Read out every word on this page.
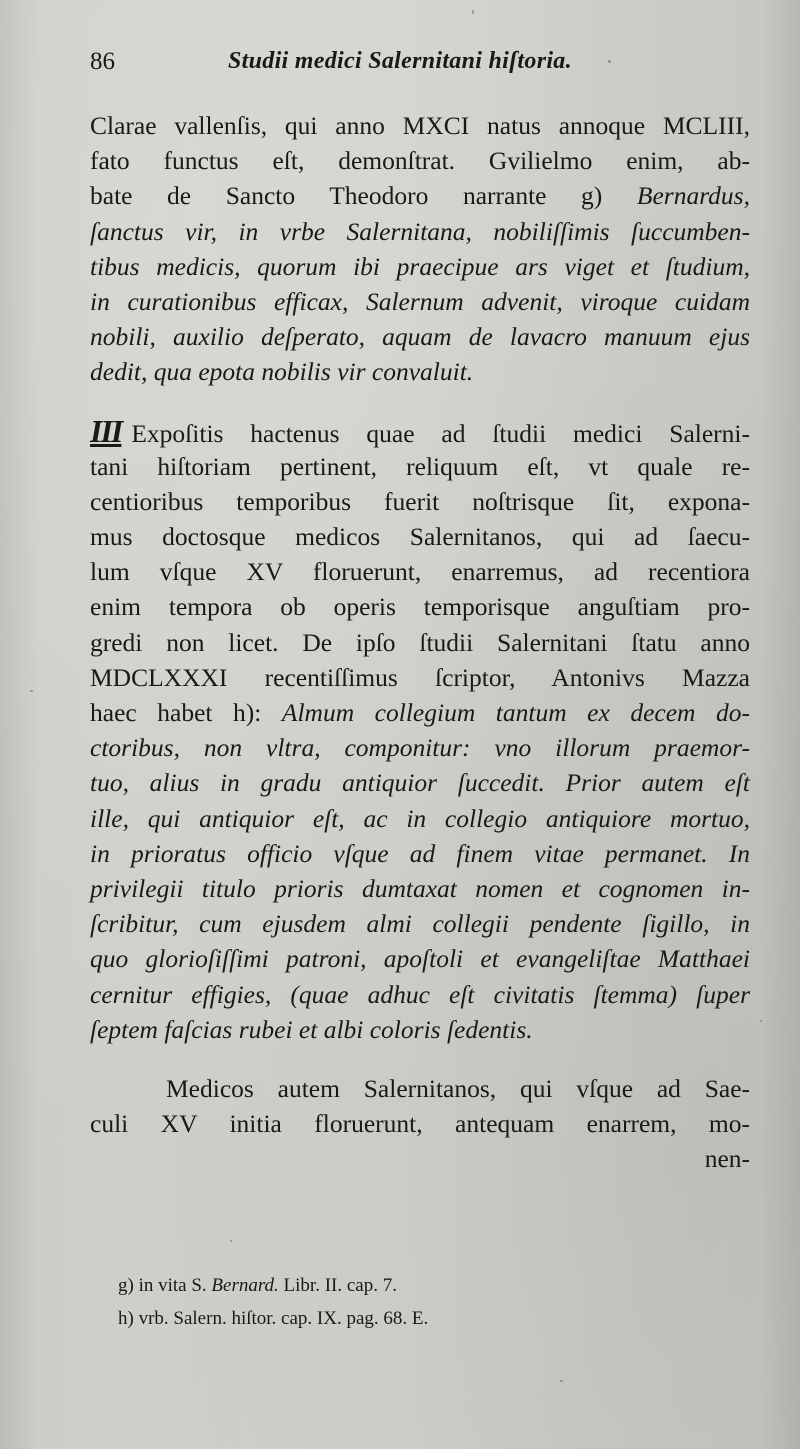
86	Studii medici Salernitani hiſtoria.
Clarae vallenſis, qui anno MXCI natus annoque MCLIII,
fato functus eſt, demonſtrat. Gvilielmo enim, ab-
bate de Sancto Theodoro narrante g) Bernardus,
ſanctus vir, in vrbe Salernitana, nobiliſſimis ſuccumben-
tibus medicis, quorum ibi praecipue ars viget et ſtudium,
in curationibus efficax, Salernum advenit, viroque cuidam
nobili, auxilio deſperato, aquam de lavacro manuum ejus
dedit, qua epota nobilis vir convaluit.
III Expoſitis hactenus quae ad ſtudii medici Salerni-
tani hiſtoriam pertinent, reliquum eſt, vt quale re-
centioribus temporibus fuerit noſtrisque ſit, expona-
mus doctosque medicos Salernitanos, qui ad ſaecu-
lum vſque XV floruerunt, enarremus, ad recentiora
enim tempora ob operis temporisque anguſtiam pro-
gredi non licet. De ipſo ſtudii Salernitani ſtatu anno
MDCLXXXI recentiſſimus ſcriptor, Antonivs Mazza
haec habet h): Almum collegium tantum ex decem do-
ctoribus, non vltra, componitur: vno illorum praemor-
tuo, alius in gradu antiquior ſuccedit. Prior autem eſt
ille, qui antiquior eſt, ac in collegio antiquiore mortuo,
in prioratus officio vſque ad finem vitae permanet. In
privilegii titulo prioris dumtaxat nomen et cognomen in-
ſcribitur, cum ejusdem almi collegii pendente ſigillo, in
quo glorioſiſſimi patroni, apoſtoli et evangeliſtae Matthaei
cernitur effigies, (quae adhuc eſt civitatis ſtemma) ſuper
ſeptem faſcias rubei et albi coloris ſedentis.
Medicos autem Salernitanos, qui vſque ad Sae-
culi XV initia floruerunt, antequam enarrem, mo-
nen-
g) in vita S. Bernard. Libr. II. cap. 7.
h) vrb. Salern. hiſtor. cap. IX. pag. 68. E.
